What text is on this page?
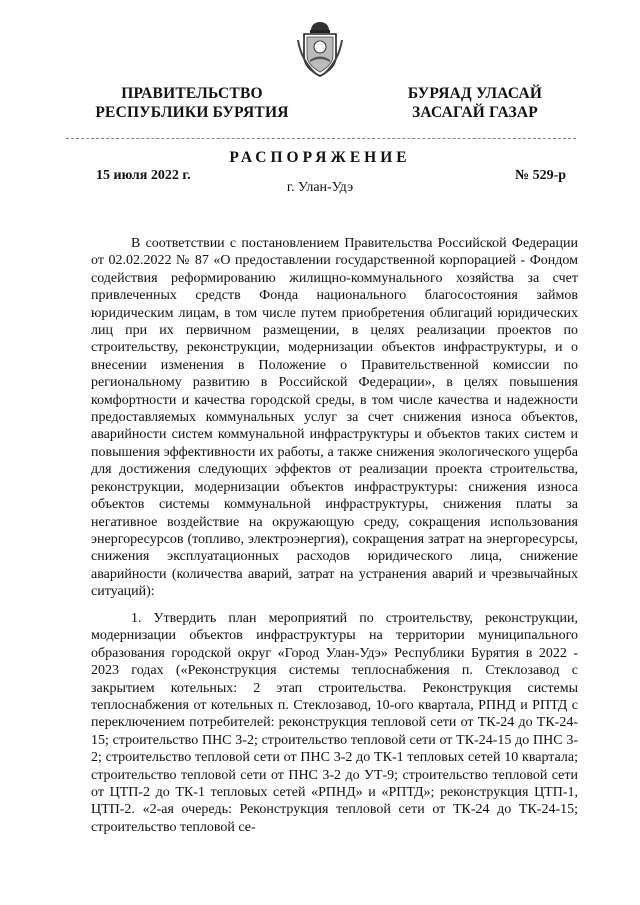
ПРАВИТЕЛЬСТВО
РЕСПУБЛИКИ БУРЯТИЯ
БУРЯАД УЛАСАЙ
ЗАСАГАЙ ГАЗАР
РАСПОРЯЖЕНИЕ
15 июля 2022 г.	№ 529-р
г. Улан-Удэ

В соответствии с постановлением Правительства Российской Федерации от 02.02.2022 № 87 «О предоставлении государственной корпорацией - Фондом содействия реформированию жилищно-коммунального хозяйства за счет привлеченных средств Фонда национального благосостояния займов юридическим лицам, в том числе путем приобретения облигаций юридических лиц при их первичном размещении, в целях реализации проектов по строительству, реконструкции, модернизации объектов инфраструктуры, и о внесении изменения в Положение о Правительственной комиссии по региональному развитию в Российской Федерации», в целях повышения комфортности и качества городской среды, в том числе качества и надежности предоставляемых коммунальных услуг за счет снижения износа объектов, аварийности систем коммунальной инфраструктуры и объектов таких систем и повышения эффективности их работы, а также снижения экологического ущерба для достижения следующих эффектов от реализации проекта строительства, реконструкции, модернизации объектов инфраструктуры: снижения износа объектов системы коммунальной инфраструктуры, снижения платы за негативное воздействие на окружающую среду, сокращения использования энергоресурсов (топливо, электроэнергия), сокращения затрат на энергоресурсы, снижения эксплуатационных расходов юридического лица, снижение аварийности (количества аварий, затрат на устранения аварий и чрезвычайных ситуаций):

1. Утвердить план мероприятий по строительству, реконструкции, модернизации объектов инфраструктуры на территории муниципального образования городской округ «Город Улан-Удэ» Республики Бурятия в 2022 - 2023 годах («Реконструкция системы теплоснабжения п. Стеклозавод с закрытием котельных: 2 этап строительства. Реконструкция системы теплоснабжения от котельных п. Стеклозавод, 10-ого квартала, РПНД и РПТД с переключением потребителей: реконструкция тепловой сети от ТК-24 до ТК-24-15; строительство ПНС 3-2; строительство тепловой сети от ТК-24-15 до ПНС 3-2; строительство тепловой сети от ПНС 3-2 до ТК-1 тепловых сетей 10 квартала; строительство тепловой сети от ПНС 3-2 до УТ-9; строительство тепловой сети от ЦТП-2 до ТК-1 тепловых сетей «РПНД» и «РПТД»; реконструкция ЦТП-1, ЦТП-2. «2-ая очередь: Реконструкция тепловой сети от ТК-24 до ТК-24-15; строительство тепловой се-
